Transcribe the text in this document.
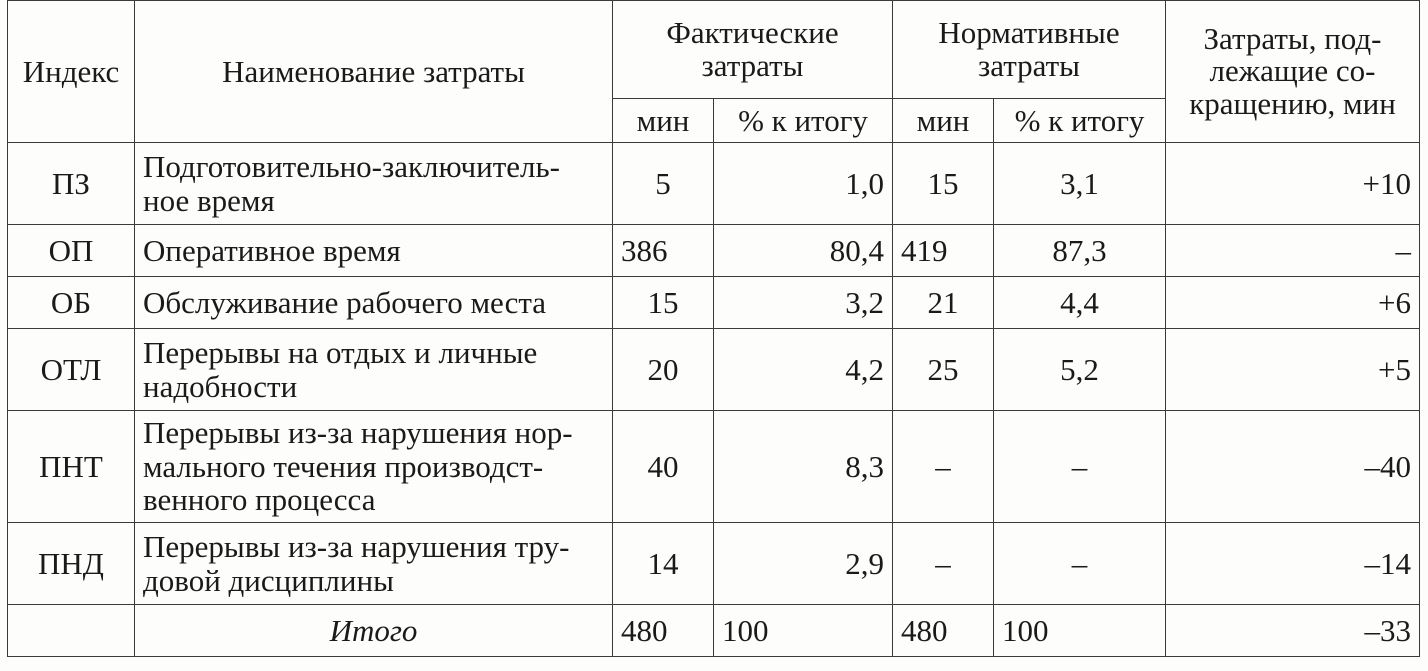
Индекс	Наименование затраты	Фактические затраты		Нормативные затраты		Затраты, под-лежащие со-кращению, мин
		мин	% к итогу	мин	% к итогу	
ПЗ	Подготовительно-заключитель-ное время	5	1,0	15	3,1	+10
ОП	Оперативное время	386	80,4	419	87,3	–
ОБ	Обслуживание рабочего места	15	3,2	21	4,4	+6
ОТЛ	Перерывы на отдых и личные надобности	20	4,2	25	5,2	+5
ПНТ	Перерывы из-за нарушения нор-мального течения производст-венного процесса	40	8,3	–	–	–40
ПНД	Перерывы из-за нарушения тру-довой дисциплины	14	2,9	–	–	–14
	Итого	480	100	480	100	–33
